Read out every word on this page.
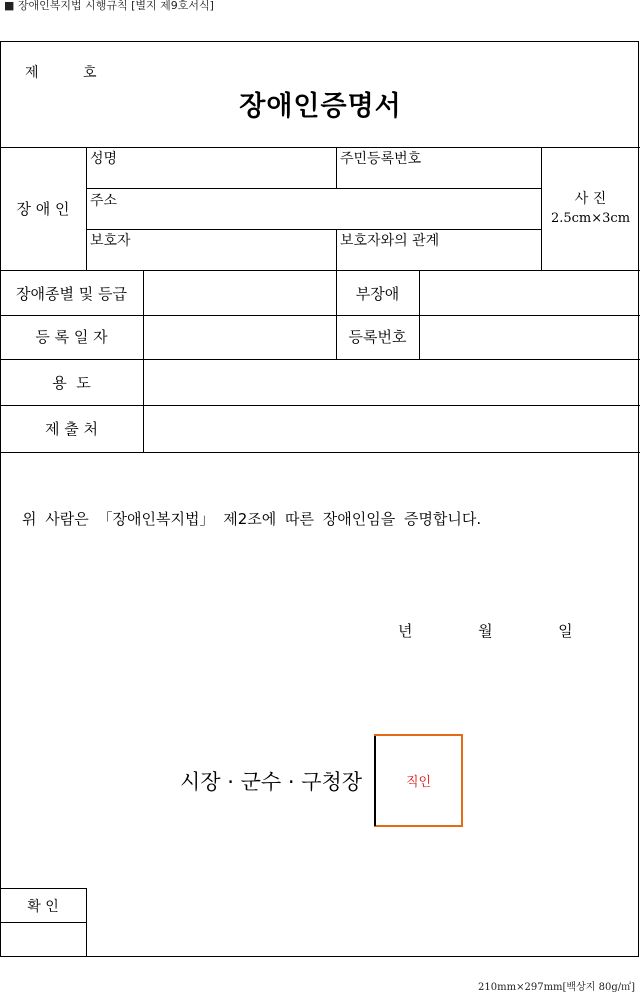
■ 장애인복지법 시행규칙 [별지 제9호서식]
제 호
장애인증명서
장 애 인
성명	주민등록번호
주소
보호자	보호자와의 관계
사 진
2.5cm×3cm
장애종별 및 등급	부장애
등 록 일 자	등록번호
용  도
제 출 처
위 사람은 「장애인복지법」 제2조에 따른 장애인임을 증명합니다.
년	월	일
시장 · 군수 · 구청장	직인
확 인
210mm×297mm[백상지 80g/㎡]
